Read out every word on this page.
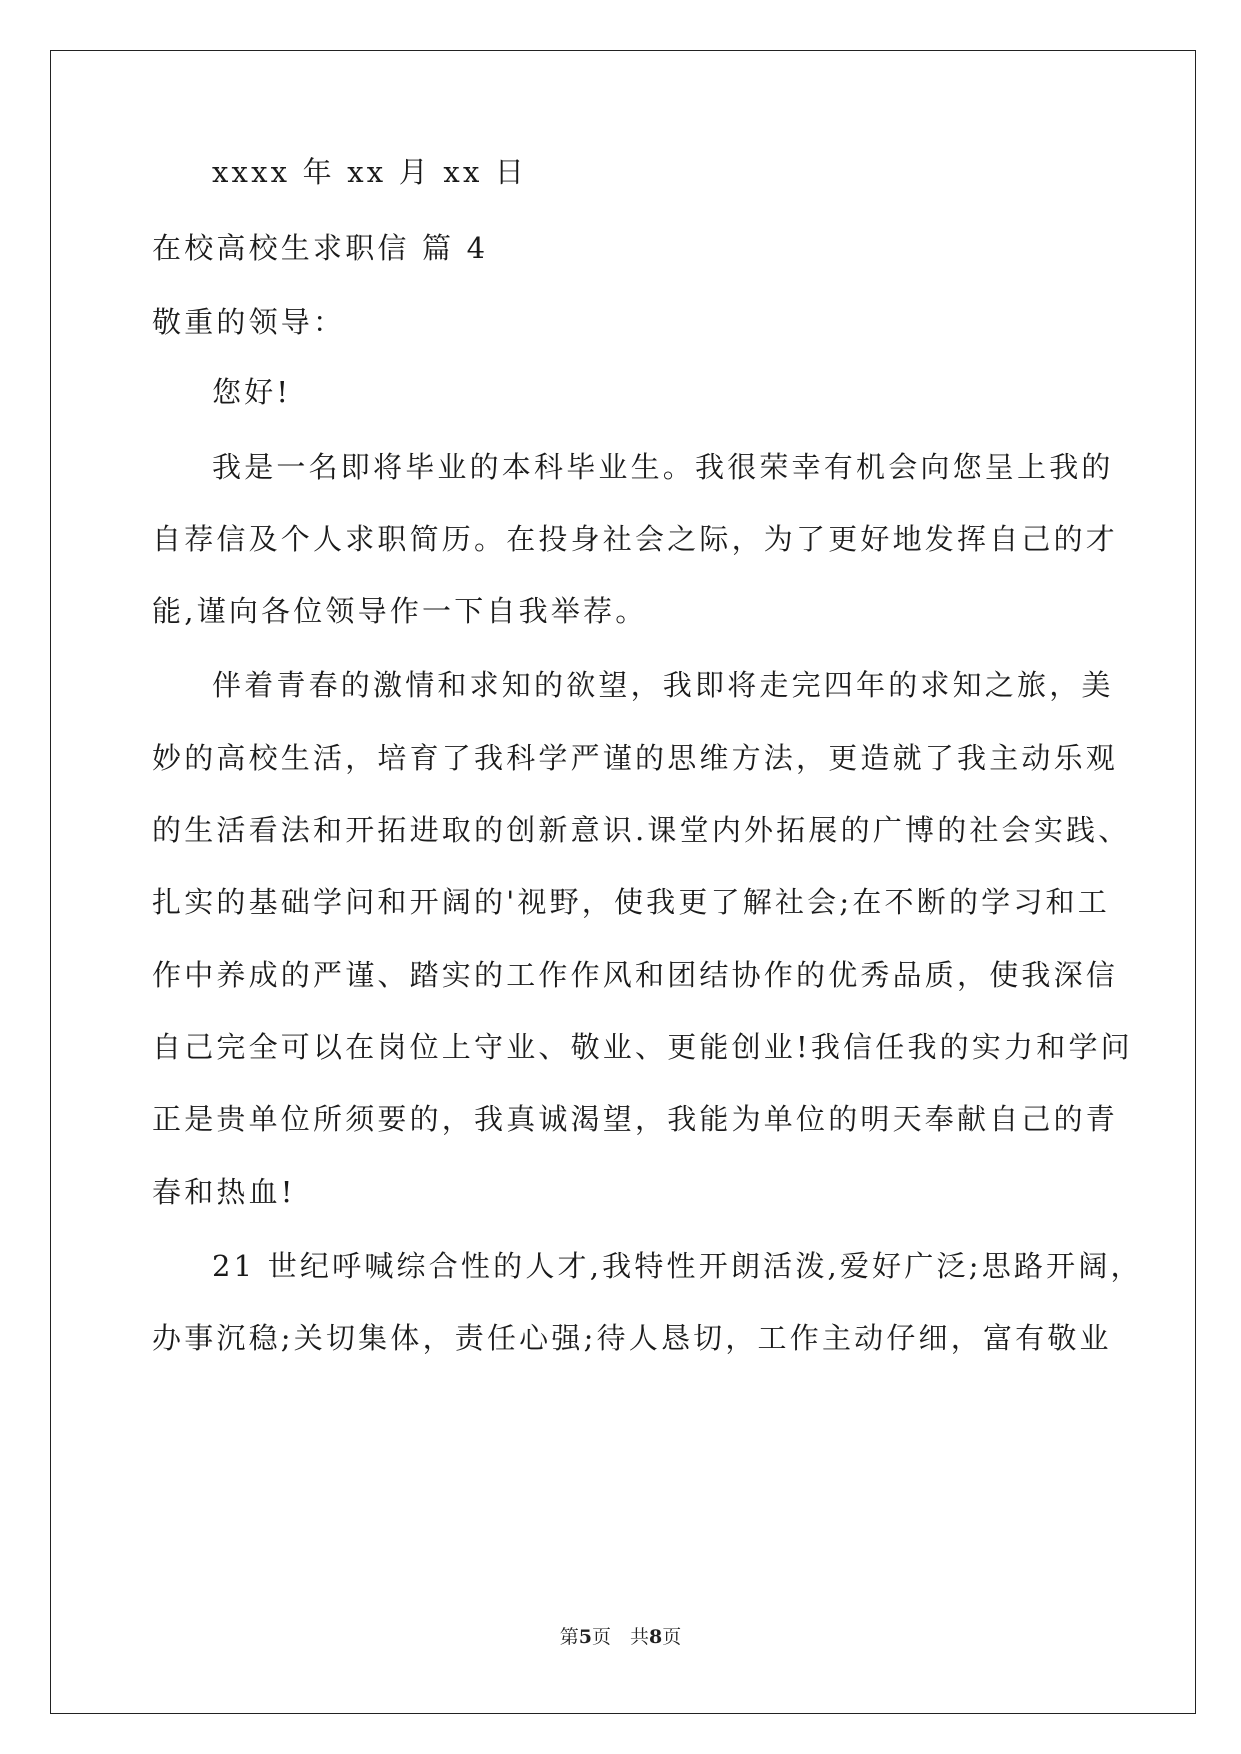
xxxx 年 xx 月 xx 日
在校高校生求职信 篇 4
敬重的领导：
您好!
我是一名即将毕业的本科毕业生。我很荣幸有机会向您呈上我的
自荐信及个人求职简历。在投身社会之际，为了更好地发挥自己的才
能,谨向各位领导作一下自我举荐。
伴着青春的激情和求知的欲望，我即将走完四年的求知之旅，美
妙的高校生活，培育了我科学严谨的思维方法，更造就了我主动乐观
的生活看法和开拓进取的创新意识.课堂内外拓展的广博的社会实践、
扎实的基础学问和开阔的'视野，使我更了解社会;在不断的学习和工
作中养成的严谨、踏实的工作作风和团结协作的优秀品质，使我深信
自己完全可以在岗位上守业、敬业、更能创业!我信任我的实力和学问
正是贵单位所须要的，我真诚渴望，我能为单位的明天奉献自己的青
春和热血!
21 世纪呼喊综合性的人才,我特性开朗活泼,爱好广泛;思路开阔，
办事沉稳;关切集体，责任心强;待人恳切，工作主动仔细，富有敬业
第5页　共8页
